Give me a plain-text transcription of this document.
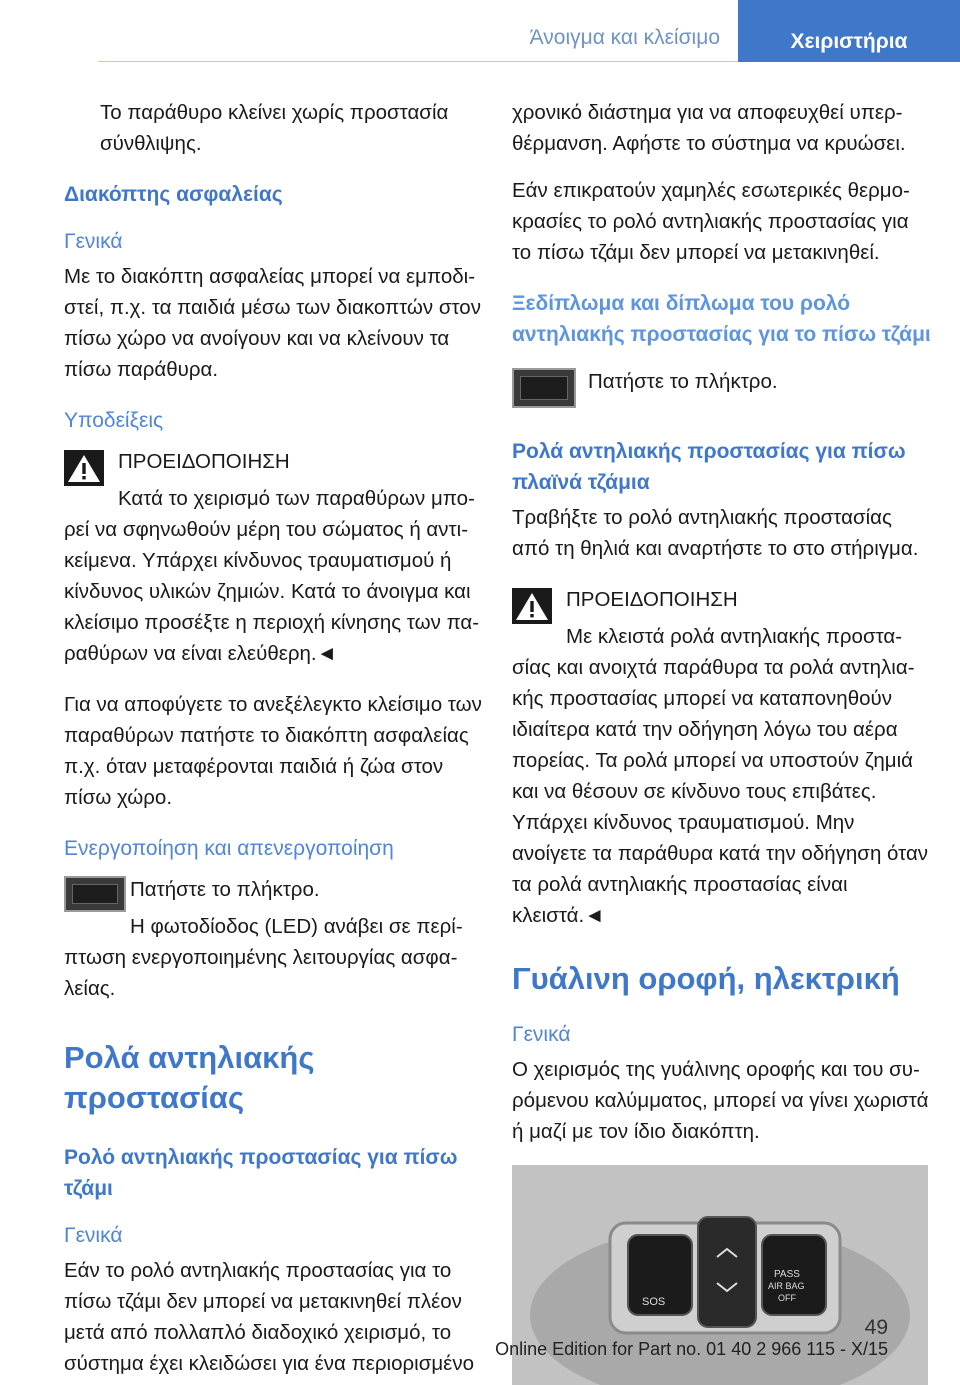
Άνοιγμα και κλείσιμο	Χειριστήρια

Το παράθυρο κλείνει χωρίς προστασία σύνθλιψης.

Διακόπτης ασφαλείας
Γενικά

Με το διακόπτη ασφαλείας μπορεί να εμποδιστεί, π.χ. τα παιδιά μέσω των διακοπτών στον πίσω χώρο να ανοίγουν και να κλείνουν τα πίσω παράθυρα.

Υποδείξεις

ΠΡΟΕΙΔΟΠΟΙΗΣΗ

Κατά το χειρισμό των παραθύρων μπορεί να σφηνωθούν μέρη του σώματος ή αντικείμενα. Υπάρχει κίνδυνος τραυματισμού ή κίνδυνος υλικών ζημιών. Κατά το άνοιγμα και κλείσιμο προσέξτε η περιοχή κίνησης των παραθύρων να είναι ελεύθερη.◄

Για να αποφύγετε το ανεξέλεγκτο κλείσιμο των παραθύρων πατήστε το διακόπτη ασφαλείας π.χ. όταν μεταφέρονται παιδιά ή ζώα στον πίσω χώρο.

Ενεργοποίηση και απενεργοποίηση

Πατήστε το πλήκτρο.

Η φωτοδίοδος (LED) ανάβει σε περίπτωση ενεργοποιημένης λειτουργίας ασφαλείας.

Ρολά αντηλιακής προστασίας
Ρολό αντηλιακής προστασίας για πίσω τζάμι
Γενικά

Εάν το ρολό αντηλιακής προστασίας για το πίσω τζάμι δεν μπορεί να μετακινηθεί πλέον μετά από πολλαπλό διαδοχικό χειρισμό, το σύστημα έχει κλειδώσει για ένα περιορισμένο

χρονικό διάστημα για να αποφευχθεί υπερθέρμανση. Αφήστε το σύστημα να κρυώσει.

Εάν επικρατούν χαμηλές εσωτερικές θερμοκρασίες το ρολό αντηλιακής προστασίας για το πίσω τζάμι δεν μπορεί να μετακινηθεί.

Ξεδίπλωμα και δίπλωμα του ρολό αντηλιακής προστασίας για το πίσω τζάμι

Πατήστε το πλήκτρο.

Ρολά αντηλιακής προστασίας για πίσω πλαϊνά τζάμια

Τραβήξτε το ρολό αντηλιακής προστασίας από τη θηλιά και αναρτήστε το στο στήριγμα.

ΠΡΟΕΙΔΟΠΟΙΗΣΗ

Με κλειστά ρολά αντηλιακής προστασίας και ανοιχτά παράθυρα τα ρολά αντηλιακής προστασίας μπορεί να καταπονηθούν ιδιαίτερα κατά την οδήγηση λόγω του αέρα πορείας. Τα ρολά μπορεί να υποστούν ζημιά και να θέσουν σε κίνδυνο τους επιβάτες. Υπάρχει κίνδυνος τραυματισμού. Μην ανοίγετε τα παράθυρα κατά την οδήγηση όταν τα ρολά αντηλιακής προστασίας είναι κλειστά.◄

Γυάλινη οροφή, ηλεκτρική
Γενικά

Ο χειρισμός της γυάλινης οροφής και του συρόμενου καλύμματος, μπορεί να γίνει χωριστά ή μαζί με τον ίδιο διακόπτη.

SOS
PASS
AIR BAG
OFF
49
Online Edition for Part no. 01 40 2 966 115 - X/15
